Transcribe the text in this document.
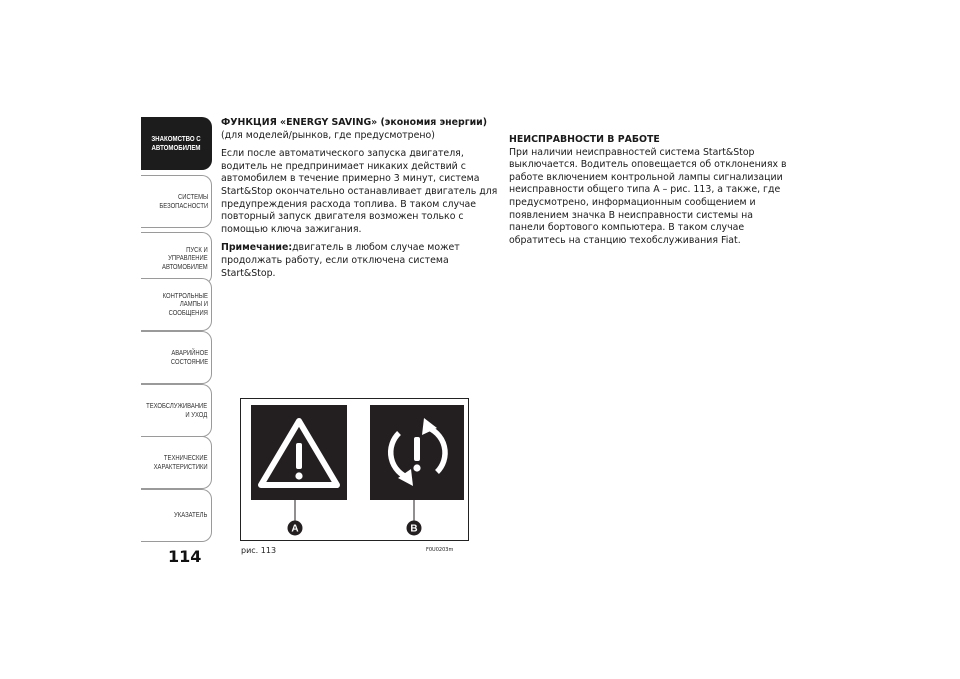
ЗНАКОМСТВО С
АВТОМОБИЛЕМ
СИСТЕМЫ
БЕЗОПАСНОСТИ
ПУСК И УПРАВЛЕНИЕ
АВТОМОБИЛЕМ
КОНТРОЛЬНЫЕ
ЛАМПЫ И
СООБЩЕНИЯ
АВАРИЙНОЕ
СОСТОЯНИЕ
ТЕХОБСЛУЖИВАНИЕ
И УХОД
ТЕХНИЧЕСКИЕ
ХАРАКТЕРИСТИКИ
УКАЗАТЕЛЬ
114

ФУНКЦИЯ «ENERGY SAVING» (экономия энергии)

(для моделей/рынков, где предусмотрено)

Если после автоматического запуска двигателя, водитель не предпринимает никаких действий с автомобилем в течение примерно 3 минут, система Start&Stop окончательно останавливает двигатель для предупреждения расхода топлива. В таком случае повторный запуск двигателя возможен только с помощью ключа зажигания.

Примечание:двигатель в любом случае может продолжать работу, если отключена система Start&Stop.

НЕИСПРАВНОСТИ В РАБОТЕ

При наличии неисправностей система Start&Stop выключается. Водитель оповещается об отклонениях в работе включением контрольной лампы сигнализации неисправности общего типа А – рис. 113, а также, где предусмотрено, информационным сообщением и появлением значка B неисправности системы на панели бортового компьютера. В таком случае обратитесь на станцию техобслуживания Fiat.

A	B
рис. 113	F0U0203m
